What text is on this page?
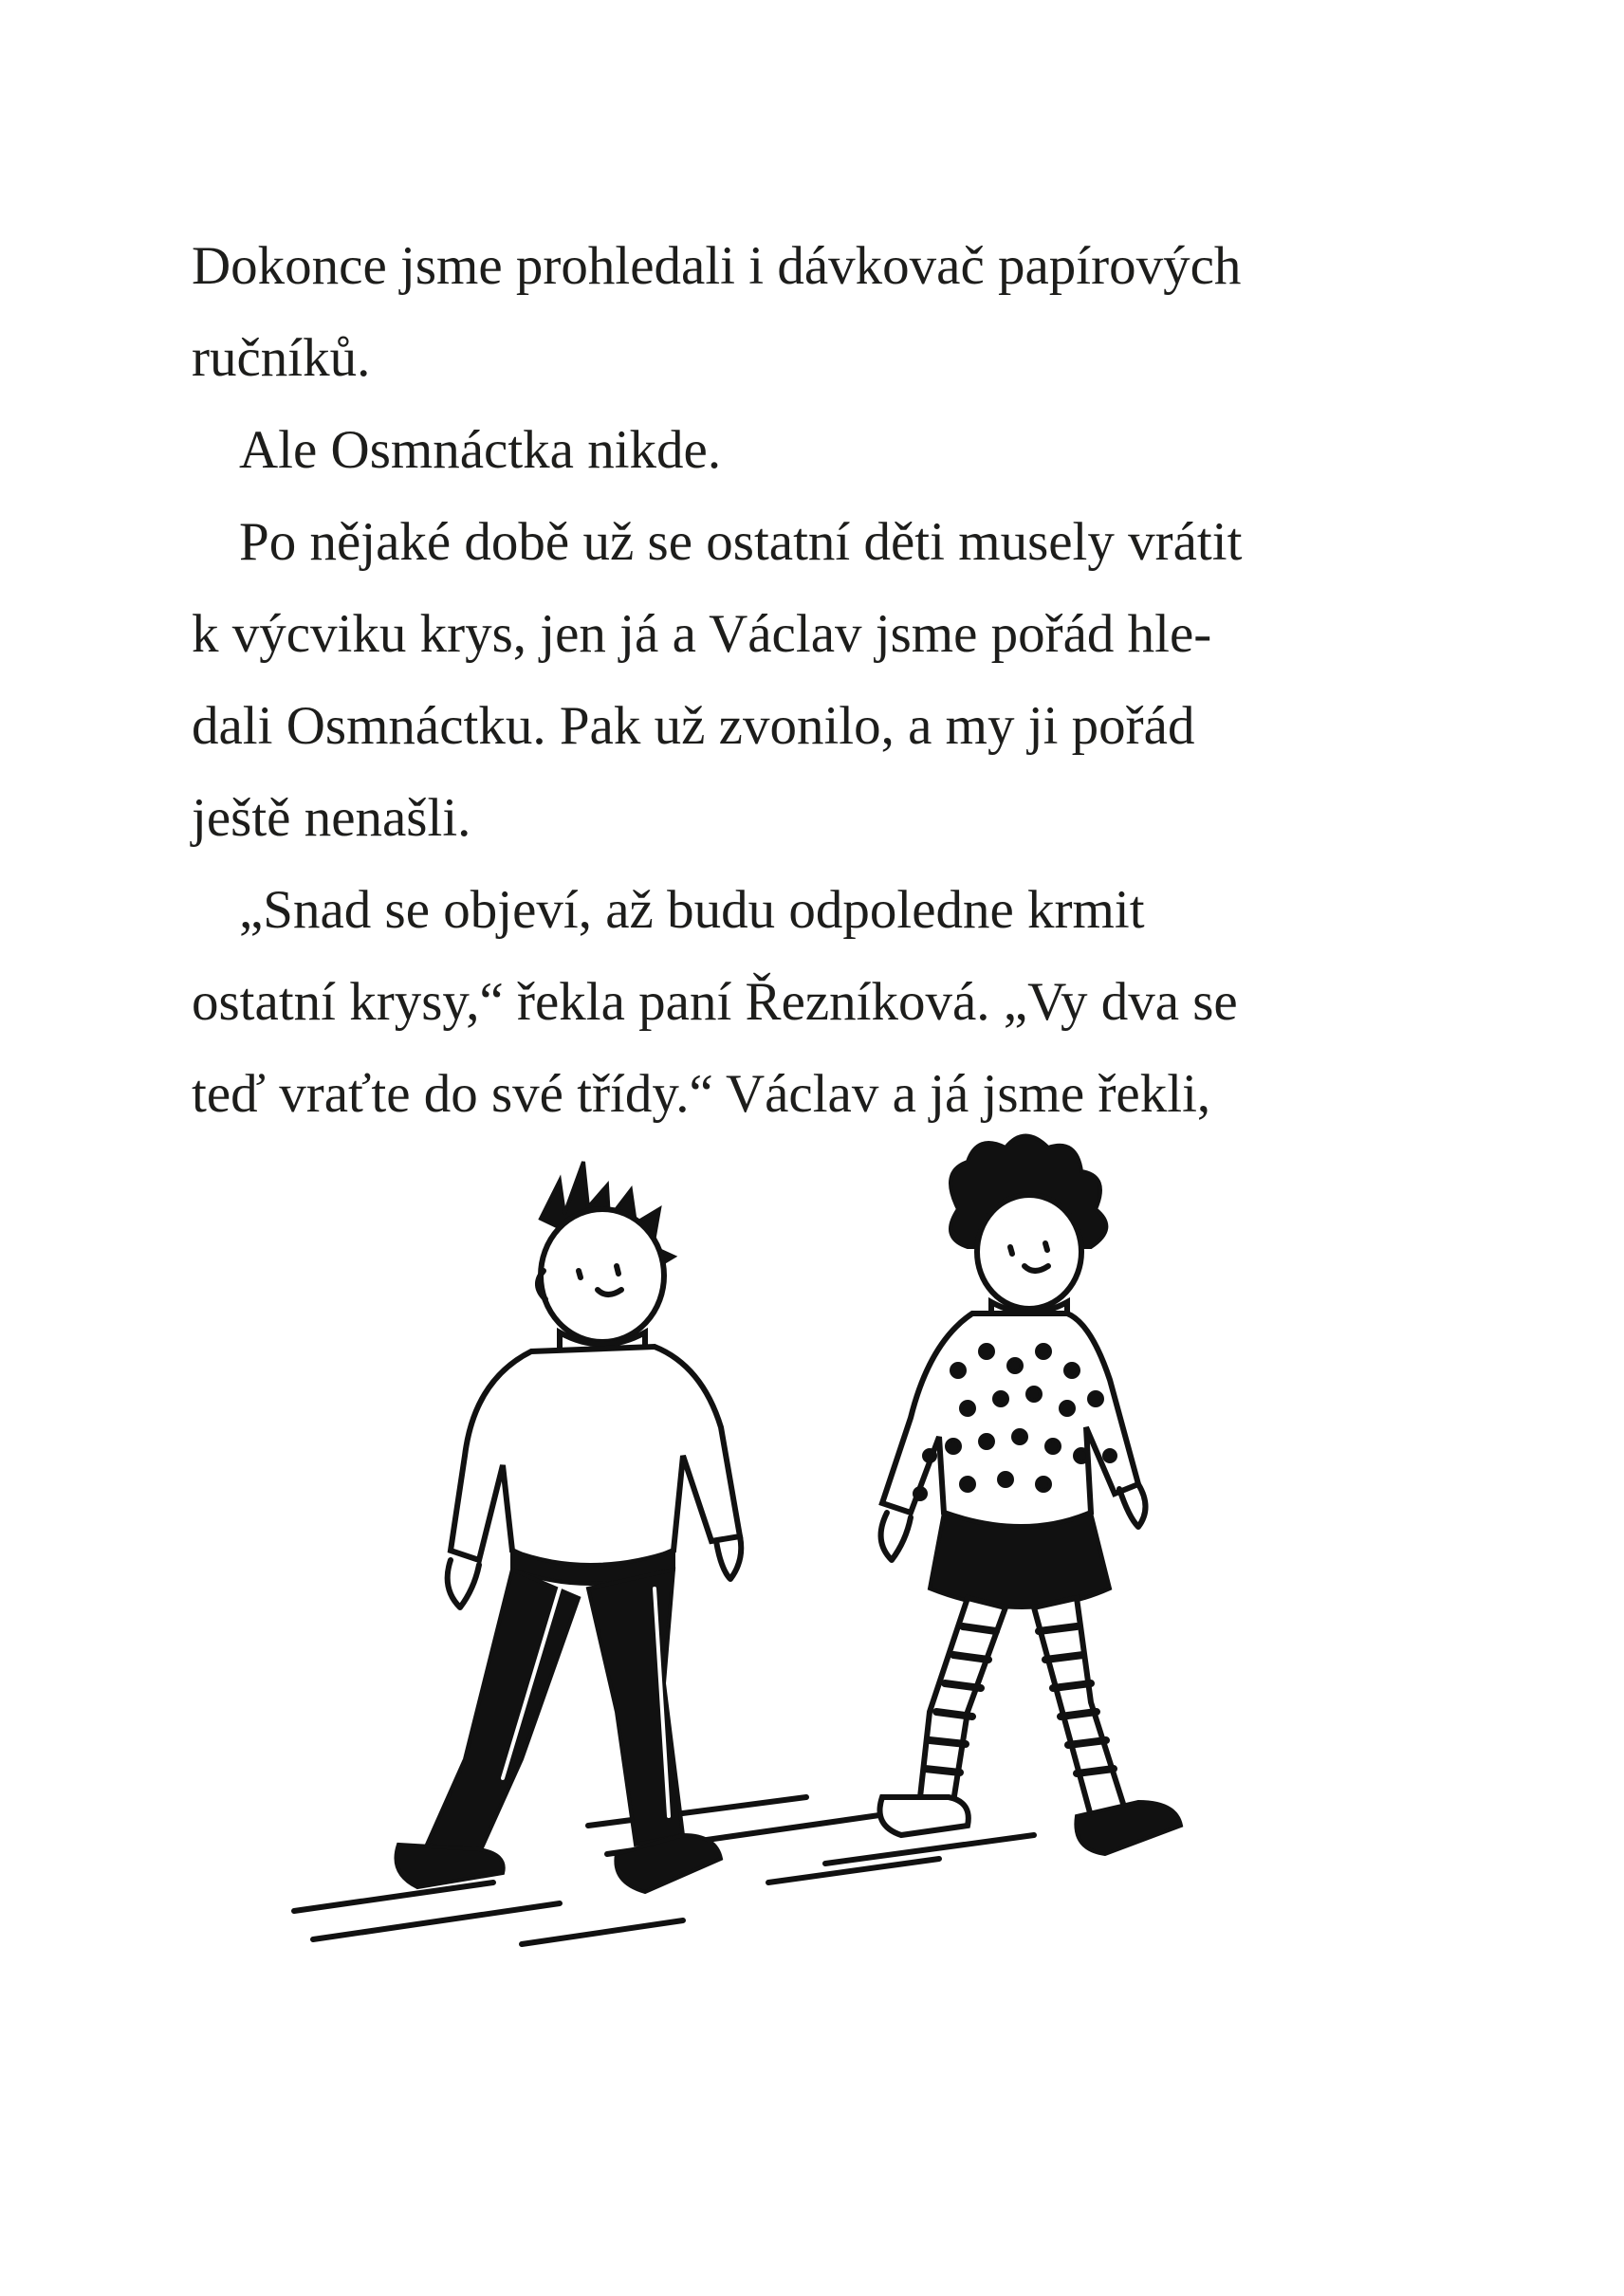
Dokonce jsme prohledali i dávkovač papírových
ručníků.
Ale Osmnáctka nikde.
Po nějaké době už se ostatní děti musely vrátit
k výcviku krys, jen já a Václav jsme pořád hle-
dali Osmnáctku. Pak už zvonilo, a my ji pořád
ještě nenašli.
„Snad se objeví, až budu odpoledne krmit
ostatní krysy,“ řekla paní Řezníková. „Vy dva se
teď vraťte do své třídy.“ Václav a já jsme řekli,
